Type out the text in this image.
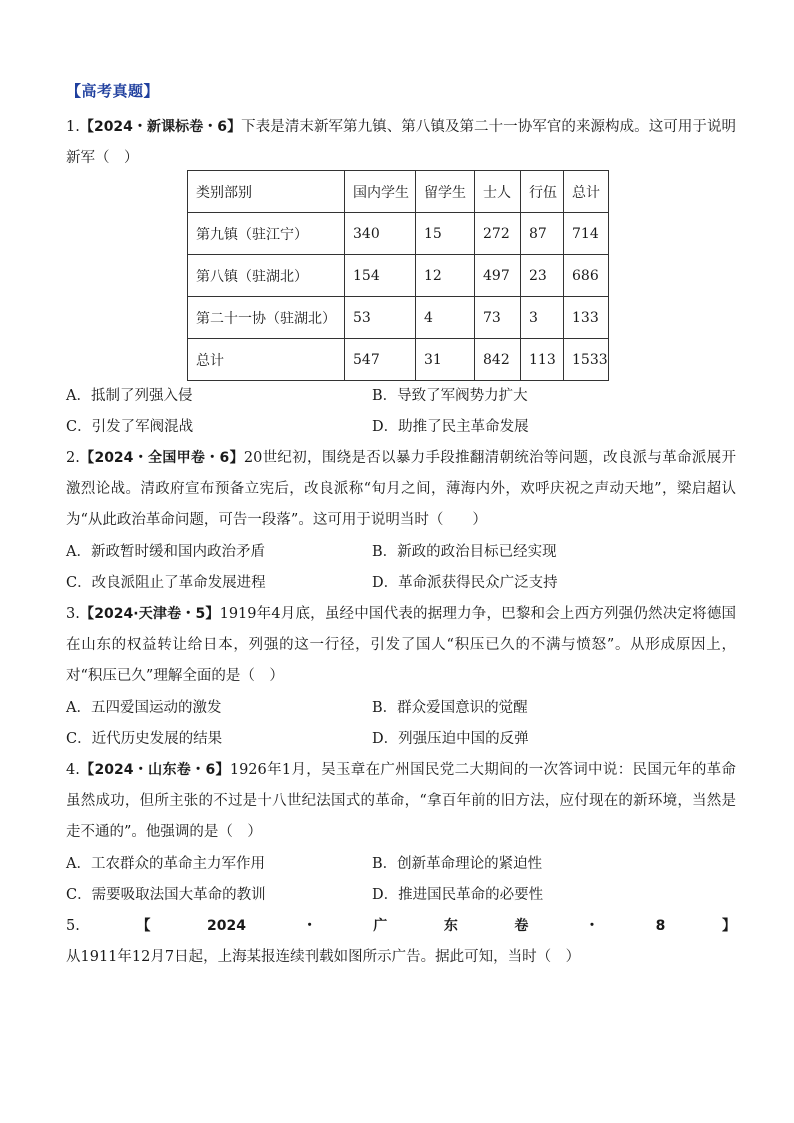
【高考真题】
1.【2024・新课标卷・6】下表是清末新军第九镇、第八镇及第二十一协军官的来源构成。这可用于说明新军（　）
类别部别	国内学生	留学生	士人	行伍	总计
第九镇（驻江宁）	340	15	272	87	714
第八镇（驻湖北）	154	12	497	23	686
第二十一协（驻湖北）	53	4	73	3	133
总计	547	31	842	113	1533
A．抵制了列强入侵	B．导致了军阀势力扩大
C．引发了军阀混战	D．助推了民主革命发展
2.【2024・全国甲卷・6】20世纪初，围绕是否以暴力手段推翻清朝统治等问题，改良派与革命派展开激烈论战。清政府宣布预备立宪后，改良派称“旬月之间，薄海内外，欢呼庆祝之声动天地”，梁启超认为“从此政治革命问题，可告一段落”。这可用于说明当时（　　）
A．新政暂时缓和国内政治矛盾	B．新政的政治目标已经实现
C．改良派阻止了革命发展进程	D．革命派获得民众广泛支持
3.【2024·天津卷・5】1919年4月底，虽经中国代表的据理力争，巴黎和会上西方列强仍然决定将德国在山东的权益转让给日本，列强的这一行径，引发了国人“积压已久的不满与愤怒”。从形成原因上，对“积压已久”理解全面的是（　）
A．五四爱国运动的激发	B．群众爱国意识的觉醒
C．近代历史发展的结果	D．列强压迫中国的反弹
4.【2024・山东卷・6】1926年1月，吴玉章在广州国民党二大期间的一次答词中说：民国元年的革命虽然成功，但所主张的不过是十八世纪法国式的革命，“拿百年前的旧方法，应付现在的新环境，当然是走不通的”。他强调的是（　）
A．工农群众的革命主力军作用	B．创新革命理论的紧迫性
C．需要吸取法国大革命的教训	D．推进国民革命的必要性
5.【2024・广东卷・8】从1911年12月7日起，上海某报连续刊载如图所示广告。据此可知，当时（　）
